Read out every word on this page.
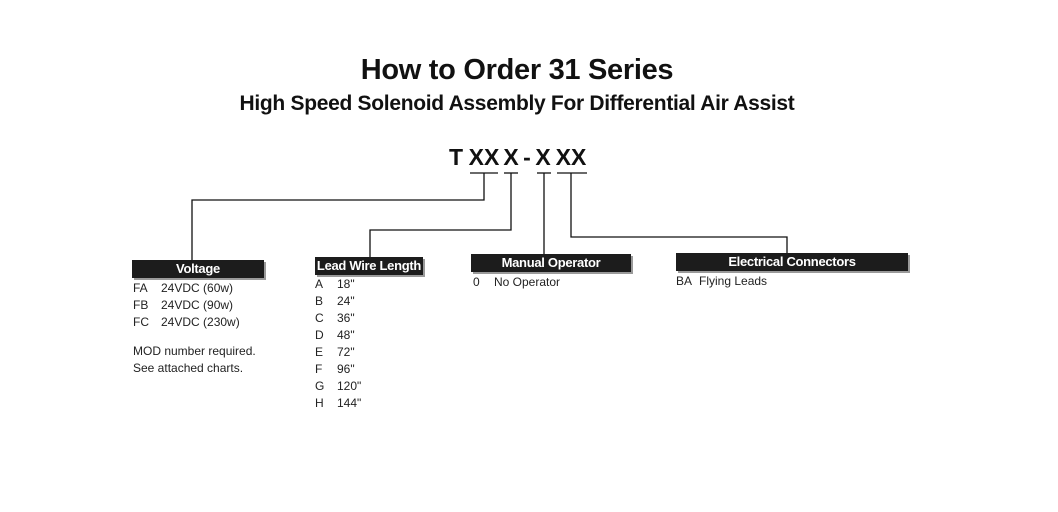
How to Order 31 Series
High Speed Solenoid Assembly For Differential Air Assist
T XX X - X XX
Voltage
FA 24VDC (60w)
FB 24VDC (90w)
FC 24VDC (230w)
MOD number required.
See attached charts.
Lead Wire Length
A 18"
B 24"
C 36"
D 48"
E 72"
F 96"
G 120"
H 144"
Manual Operator
0 No Operator
Electrical Connectors
BA Flying Leads
